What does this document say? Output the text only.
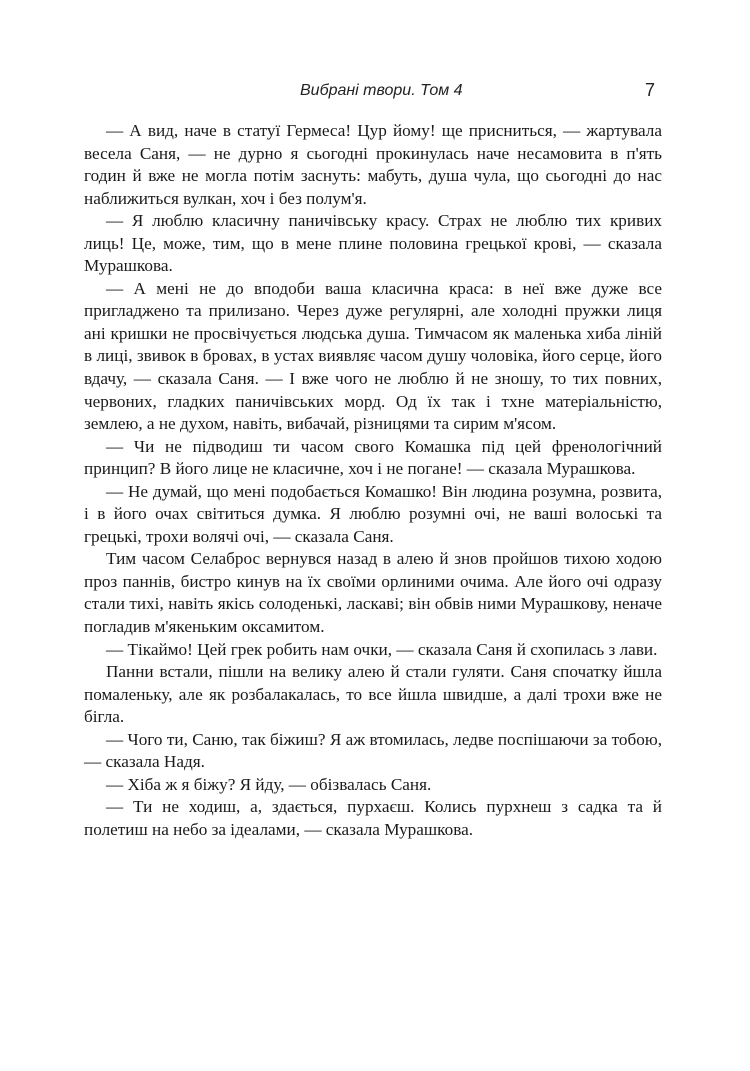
Вибрані твори. Том 4	7

— А вид, наче в статуї Гермеса! Цур йому! ще присниться, — жартувала весела Саня, — не дурно я сьогодні прокинулась наче несамовита в п'ять годин й вже не могла потім заснуть: мабуть, душа чула, що сьогодні до нас наближиться вулкан, хоч і без полум'я.

— Я люблю класичну паничівську красу. Страх не люблю тих кривих лиць! Це, може, тим, що в мене плине половина грецької крові, — сказала Мурашкова.

— А мені не до вподоби ваша класична краса: в неї вже дуже все пригладжено та прилизано. Через дуже регулярні, але холодні пружки лиця ані кришки не просвічується людська душа. Тимчасом як маленька хиба ліній в лиці, звивок в бровах, в устах виявляє часом душу чоловіка, його серце, його вдачу, — сказала Саня. — І вже чого не люблю й не зношу, то тих повних, червоних, гладких паничівських морд. Од їх так і тхне матеріальністю, землею, а не духом, навіть, вибачай, різницями та сирим м'ясом.

— Чи не підводиш ти часом свого Комашка під цей френологічний принцип? В його лице не класичне, хоч і не погане! — сказала Мурашкова.

— Не думай, що мені подобається Комашко! Він людина розумна, розвита, і в його очах світиться думка. Я люблю розумні очі, не ваші волоські та грецькі, трохи волячі очі, — сказала Саня.

Тим часом Селаброс вернувся назад в алею й знов пройшов тихою ходою проз паннів, бистро кинув на їх своїми орлиними очима. Але його очі одразу стали тихі, навіть якісь солоденькі, ласкаві; він обвів ними Мурашкову, неначе погладив м'якеньким оксамитом.

— Тікаймо! Цей грек робить нам очки, — сказала Саня й схопилась з лави.

Панни встали, пішли на велику алею й стали гуляти. Саня спочатку йшла помаленьку, але як розбалакалась, то все йшла швидше, а далі трохи вже не бігла.

— Чого ти, Саню, так біжиш? Я аж втомилась, ледве поспішаючи за тобою, — сказала Надя.

— Хіба ж я біжу? Я йду, — обізвалась Саня.

— Ти не ходиш, а, здається, пурхаєш. Колись пурхнеш з садка та й полетиш на небо за ідеалами, — сказала Мурашкова.
